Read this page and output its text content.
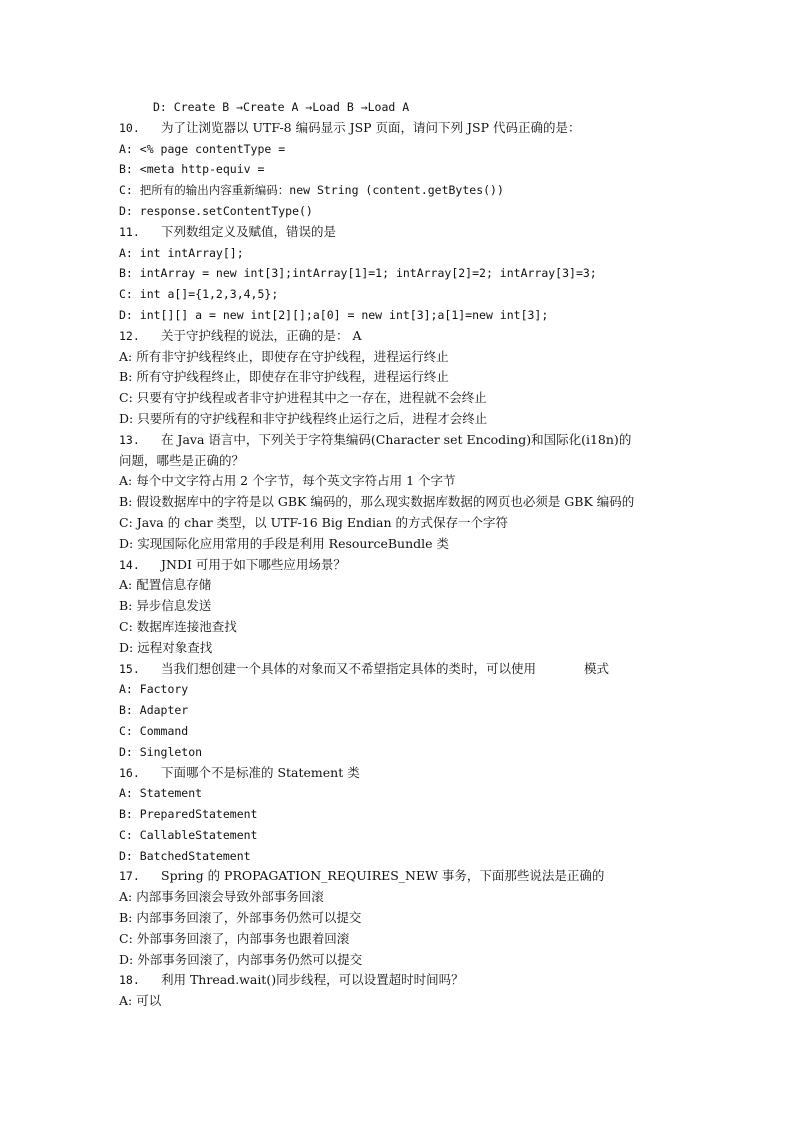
D: Create B →Create A →Load B →Load A
10. 为了让浏览器以 UTF-8 编码显示 JSP 页面，请问下列 JSP 代码正确的是：
A: <% page contentType =
B: <meta http-equiv =
C: 把所有的输出内容重新编码：new String (content.getBytes())
D: response.setContentType()
11. 下列数组定义及赋值，错误的是
A: int intArray[];
B: intArray = new int[3];intArray[1]=1; intArray[2]=2; intArray[3]=3;
C: int a[]={1,2,3,4,5};
D: int[][] a = new int[2][];a[0] = new int[3];a[1]=new int[3];
12. 关于守护线程的说法，正确的是： A
A: 所有非守护线程终止，即使存在守护线程，进程运行终止
B: 所有守护线程终止，即使存在非守护线程，进程运行终止
C: 只要有守护线程或者非守护进程其中之一存在，进程就不会终止
D: 只要所有的守护线程和非守护线程终止运行之后，进程才会终止
13. 在 Java 语言中，下列关于字符集编码(Character set Encoding)和国际化(i18n)的
问题，哪些是正确的？
A: 每个中文字符占用 2 个字节，每个英文字符占用 1 个字节
B: 假设数据库中的字符是以 GBK 编码的，那么现实数据库数据的网页也必须是 GBK 编码的
C: Java 的 char 类型，以 UTF-16 Big Endian 的方式保存一个字符
D: 实现国际化应用常用的手段是利用 ResourceBundle 类
14. JNDI 可用于如下哪些应用场景？
A: 配置信息存储
B: 异步信息发送
C: 数据库连接池查找
D: 远程对象查找
15. 当我们想创建一个具体的对象而又不希望指定具体的类时，可以使用	模式
A: Factory
B: Adapter
C: Command
D: Singleton
16. 下面哪个不是标准的 Statement 类
A: Statement
B: PreparedStatement
C: CallableStatement
D: BatchedStatement
17. Spring 的 PROPAGATION_REQUIRES_NEW 事务，下面那些说法是正确的
A: 内部事务回滚会导致外部事务回滚
B: 内部事务回滚了，外部事务仍然可以提交
C: 外部事务回滚了，内部事务也跟着回滚
D: 外部事务回滚了，内部事务仍然可以提交
18. 利用 Thread.wait()同步线程，可以设置超时时间吗？
A: 可以
